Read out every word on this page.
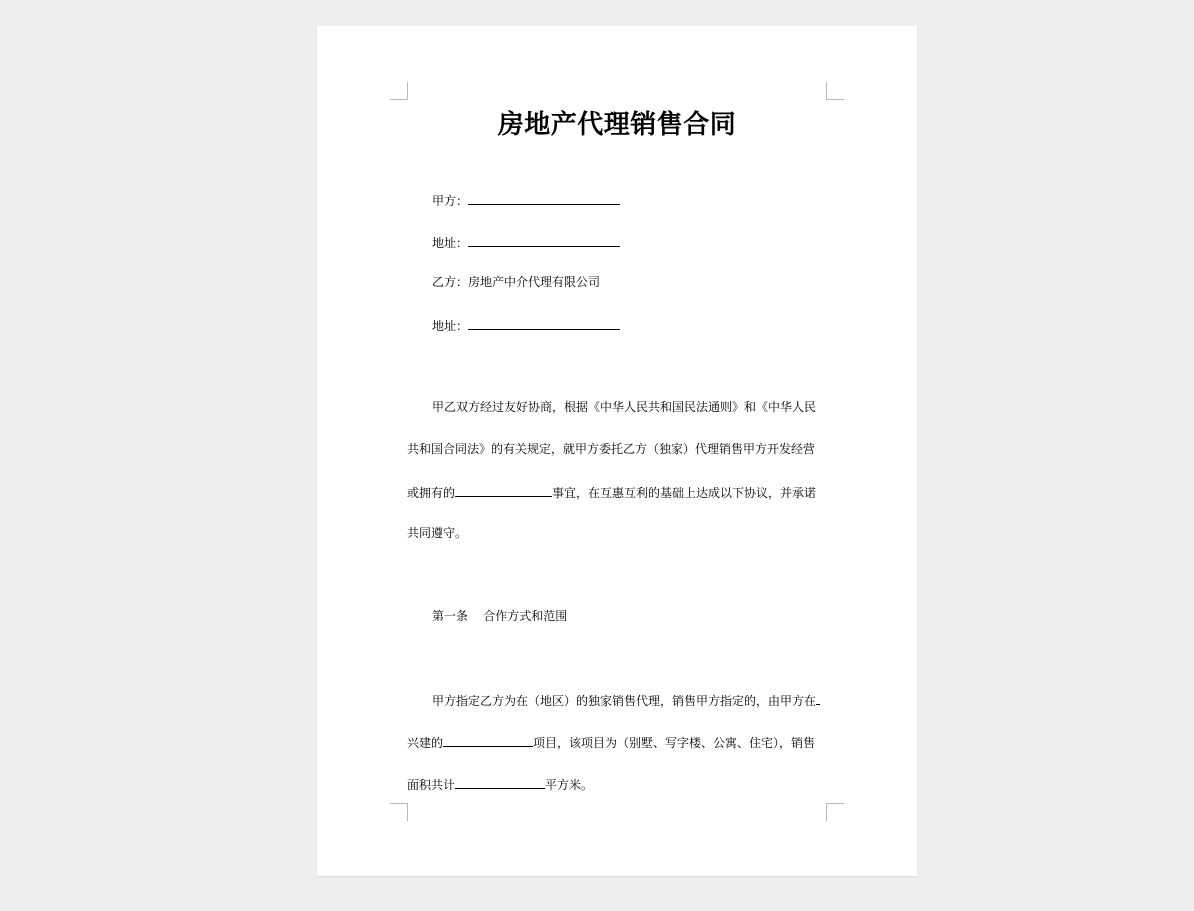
房地产代理销售合同
甲方：
地址：
乙方：房地产中介代理有限公司
地址：
甲乙双方经过友好协商，根据《中华人民共和国民法通则》和《中华人民
共和国合同法》的有关规定，就甲方委托乙方（独家）代理销售甲方开发经营
或拥有的	事宜，在互惠互利的基础上达成以下协议，并承诺
共同遵守。
第一条    合作方式和范围
甲方指定乙方为在（地区）的独家销售代理，销售甲方指定的，由甲方在
兴建的	项目，该项目为（别墅、写字楼、公寓、住宅），销售
面积共计	平方米。
